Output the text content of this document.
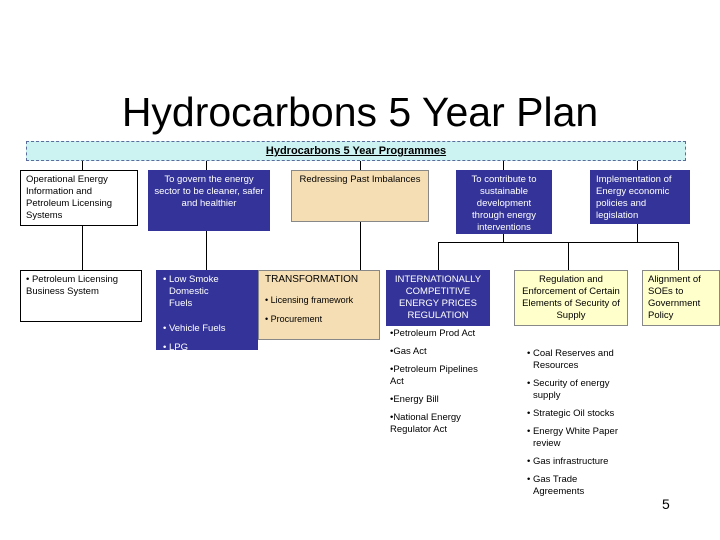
Hydrocarbons 5 Year Plan
Hydrocarbons 5 Year Programmes
Operational Energy Information and Petroleum Licensing Systems
To govern the energy sector to be cleaner, safer and healthier
Redressing Past Imbalances	To contribute to sustainable development through energy interventions
Implementation of Energy economic policies and legislation
• Petroleum Licensing Business System
• Low Smoke Domestic Fuels
• Vehicle Fuels
• LPG
TRANSFORMATION
• Licensing framework
• Procurement
INTERNATIONALLY COMPETITIVE ENERGY PRICES REGULATION
Regulation and Enforcement of Certain Elements of Security of Supply
Alignment of SOEs to Government Policy
•Petroleum Prod Act
•Gas Act
•Petroleum Pipelines Act
•Energy Bill
•National Energy Regulator Act
• Coal Reserves and Resources
• Security of energy supply
• Strategic Oil stocks
• Energy White Paper review
• Gas infrastructure
• Gas Trade Agreements
5
